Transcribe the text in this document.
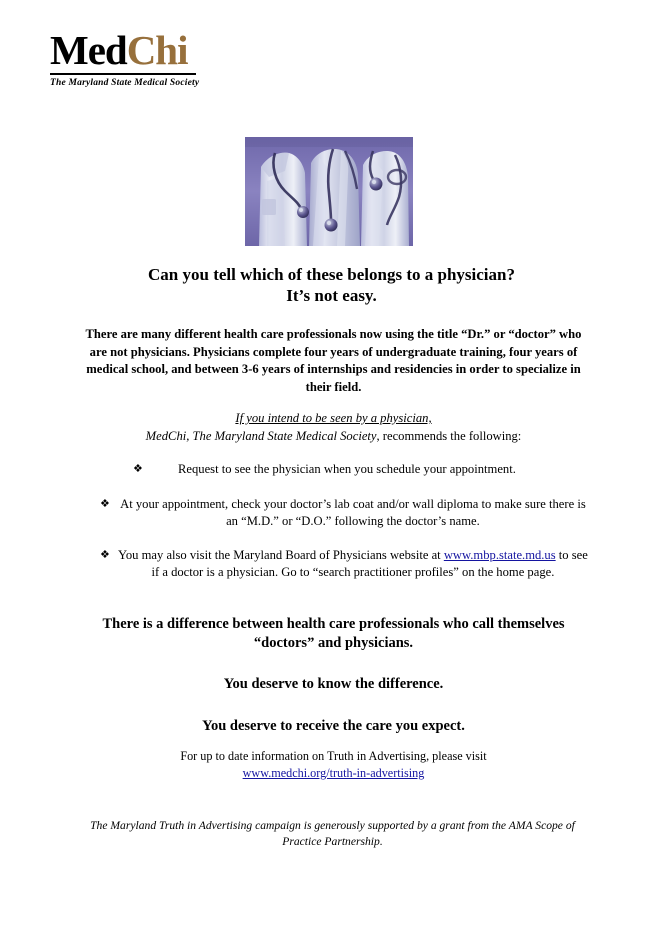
MedChi
The Maryland State Medical Society
Can you tell which of these belongs to a physician?
It’s not easy.
There are many different health care professionals now using the title “Dr.” or “doctor” who are not physicians. Physicians complete four years of undergraduate training, four years of medical school, and between 3-6 years of internships and residencies in order to specialize in their field.
If you intend to be seen by a physician,
MedChi, The Maryland State Medical Society, recommends the following:
❖	Request to see the physician when you schedule your appointment.
❖ At your appointment, check your doctor’s lab coat and/or wall diploma to make sure there is an “M.D.” or “D.O.” following the doctor’s name.
❖ You may also visit the Maryland Board of Physicians website at www.mbp.state.md.us to see if a doctor is a physician. Go to “search practitioner profiles” on the home page.
There is a difference between health care professionals who call themselves “doctors” and physicians.
You deserve to know the difference.
You deserve to receive the care you expect.
For up to date information on Truth in Advertising, please visit
www.medchi.org/truth-in-advertising
The Maryland Truth in Advertising campaign is generously supported by a grant from the AMA Scope of Practice Partnership.
